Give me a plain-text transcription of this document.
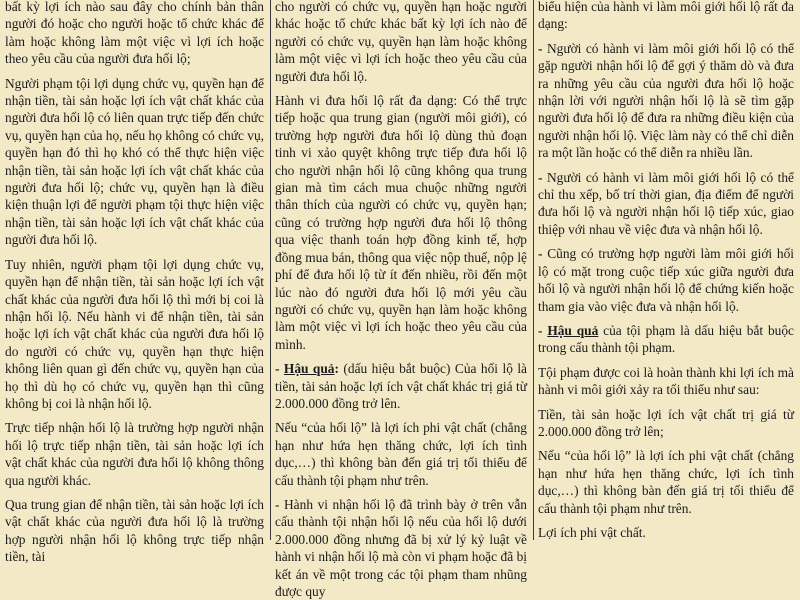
bất kỳ lợi ích nào sau đây cho chính bản thân người đó hoặc cho người hoặc tổ chức khác để làm hoặc không làm một việc vì lợi ích hoặc theo yêu cầu của người đưa hối lộ;

Người phạm tội lợi dụng chức vụ, quyền hạn để nhận tiền, tài sản hoặc lợi ích vật chất khác của người đưa hối lộ có liên quan trực tiếp đến chức vụ, quyền hạn của họ, nếu họ không có chức vụ, quyền hạn đó thì họ khó có thể thực hiện việc nhận tiền, tài sản hoặc lợi ích vật chất khác của người đưa hối lộ; chức vụ, quyền hạn là điều kiện thuận lợi để người phạm tội thực hiện việc nhận tiền, tài sản hoặc lợi ích vật chất khác của người đưa hối lộ.

Tuy nhiên, người phạm tội lợi dụng chức vụ, quyền hạn để nhận tiền, tài sản hoặc lợi ích vật chất khác của người đưa hối lộ thì mới bị coi là nhận hối lộ. Nếu hành vi để nhận tiền, tài sản hoặc lợi ích vật chất khác của người đưa hối lộ do người có chức vụ, quyền hạn thực hiện không liên quan gì đến chức vụ, quyền hạn của họ thì dù họ có chức vụ, quyền hạn thì cũng không bị coi là nhận hối lộ.

Trực tiếp nhận hối lộ là trường hợp người nhận hối lộ trực tiếp nhận tiền, tài sản hoặc lợi ích vật chất khác của người đưa hối lộ không thông qua người khác.

Qua trung gian để nhận tiền, tài sản hoặc lợi ích vật chất khác của người đưa hối lộ là trường hợp người nhận hối lộ không trực tiếp nhận tiền, tài

cho người có chức vụ, quyền hạn hoặc người khác hoặc tổ chức khác bất kỳ lợi ích nào để người có chức vụ, quyền hạn làm hoặc không làm một việc vì lợi ích hoặc theo yêu cầu của người đưa hối lộ.

Hành vi đưa hối lộ rất đa dạng: Có thể trực tiếp hoặc qua trung gian (người môi giới), có trường hợp người đưa hối lộ dùng thủ đoạn tinh vi xảo quyệt không trực tiếp đưa hối lộ cho người nhận hối lộ cũng không qua trung gian mà tìm cách mua chuộc những người thân thích của người có chức vụ, quyền hạn; cũng có trường hợp người đưa hối lộ thông qua việc thanh toán hợp đồng kinh tế, hợp đồng mua bán, thông qua việc nộp thuế, nộp lệ phí để đưa hối lộ từ ít đến nhiều, rồi đến một lúc nào đó người đưa hối lộ mới yêu cầu người có chức vụ, quyền hạn làm hoặc không làm một việc vì lợi ích hoặc theo yêu cầu của mình.

- Hậu quả: (dấu hiệu bắt buộc) Của hối lộ là tiền, tài sản hoặc lợi ích vật chất khác trị giá từ 2.000.000 đồng trở lên.

Nếu “của hối lộ” là lợi ích phi vật chất (chẳng hạn như hứa hẹn thăng chức, lợi ích tình dục,…) thì không bàn đến giá trị tối thiểu để cấu thành tội phạm như trên.

- Hành vi nhận hối lộ đã trình bày ở trên vẫn cấu thành tội nhận hối lộ nếu của hối lộ dưới 2.000.000 đồng nhưng đã bị xử lý kỷ luật về hành vi nhận hối lộ mà còn vi phạm hoặc đã bị kết án về một trong các tội phạm tham nhũng được quy

biểu hiện của hành vi làm môi giới hối lộ rất đa dạng:

- Người có hành vi làm môi giới hối lộ có thể gặp người nhận hối lộ để gợi ý thăm dò và đưa ra những yêu cầu của người đưa hối lộ hoặc nhận lời với người nhận hối lộ là sẽ tìm gặp người đưa hối lộ để đưa ra những điều kiện của người nhận hối lộ. Việc làm này có thể chỉ diễn ra một lần hoặc có thể diễn ra nhiều lần.

- Người có hành vi làm môi giới hối lộ có thể chỉ thu xếp, bố trí thời gian, địa điểm để người đưa hối lộ và người nhận hối lộ tiếp xúc, giao thiệp với nhau về việc đưa và nhận hối lộ.

- Cũng có trường hợp người làm môi giới hối lộ có mặt trong cuộc tiếp xúc giữa người đưa hối lộ và người nhận hối lộ để chứng kiến hoặc tham gia vào việc đưa và nhận hối lộ.

- Hậu quả của tội phạm là dấu hiệu bắt buộc trong cấu thành tội phạm.

Tội phạm được coi là hoàn thành khi lợi ích mà hành vi môi giới xảy ra tối thiểu như sau:

Tiền, tài sản hoặc lợi ích vật chất trị giá từ 2.000.000 đồng trở lên;

Nếu “của hối lộ” là lợi ích phi vật chất (chẳng hạn như hứa hẹn thăng chức, lợi ích tình dục,…) thì không bàn đến giá trị tối thiểu để cấu thành tội phạm như trên.

Lợi ích phi vật chất.
